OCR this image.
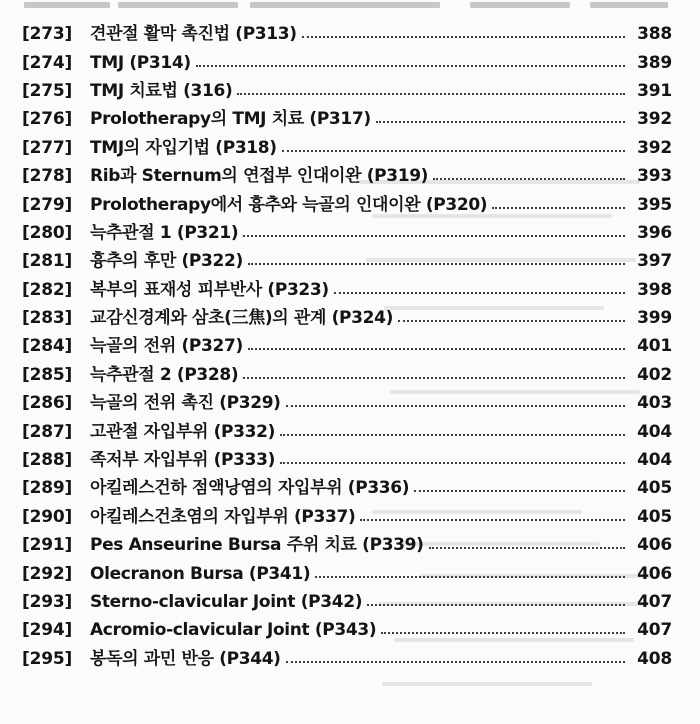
[273]	견관절 활막 촉진법 (P313)	388
[274]	TMJ (P314)	389
[275]	TMJ 치료법 (316)	391
[276]	Prolotherapy의 TMJ 치료 (P317)	392
[277]	TMJ의 자입기법 (P318)	392
[278]	Rib과 Sternum의 연접부 인대이완 (P319)	393
[279]	Prolotherapy에서 흉추와 늑골의 인대이완 (P320)	395
[280]	늑추관절 1 (P321)	396
[281]	흉추의 후만 (P322)	397
[282]	복부의 표재성 피부반사 (P323)	398
[283]	교감신경계와 삼초(三焦)의 관계 (P324)	399
[284]	늑골의 전위 (P327)	401
[285]	늑추관절 2 (P328)	402
[286]	늑골의 전위 촉진 (P329)	403
[287]	고관절 자입부위 (P332)	404
[288]	족저부 자입부위 (P333)	404
[289]	아킬레스건하 점액낭염의 자입부위 (P336)	405
[290]	아킬레스건초염의 자입부위 (P337)	405
[291]	Pes Anseurine Bursa 주위 치료 (P339)	406
[292]	Olecranon Bursa (P341)	406
[293]	Sterno-clavicular Joint (P342)	407
[294]	Acromio-clavicular Joint (P343)	407
[295]	봉독의 과민 반응 (P344)	408
